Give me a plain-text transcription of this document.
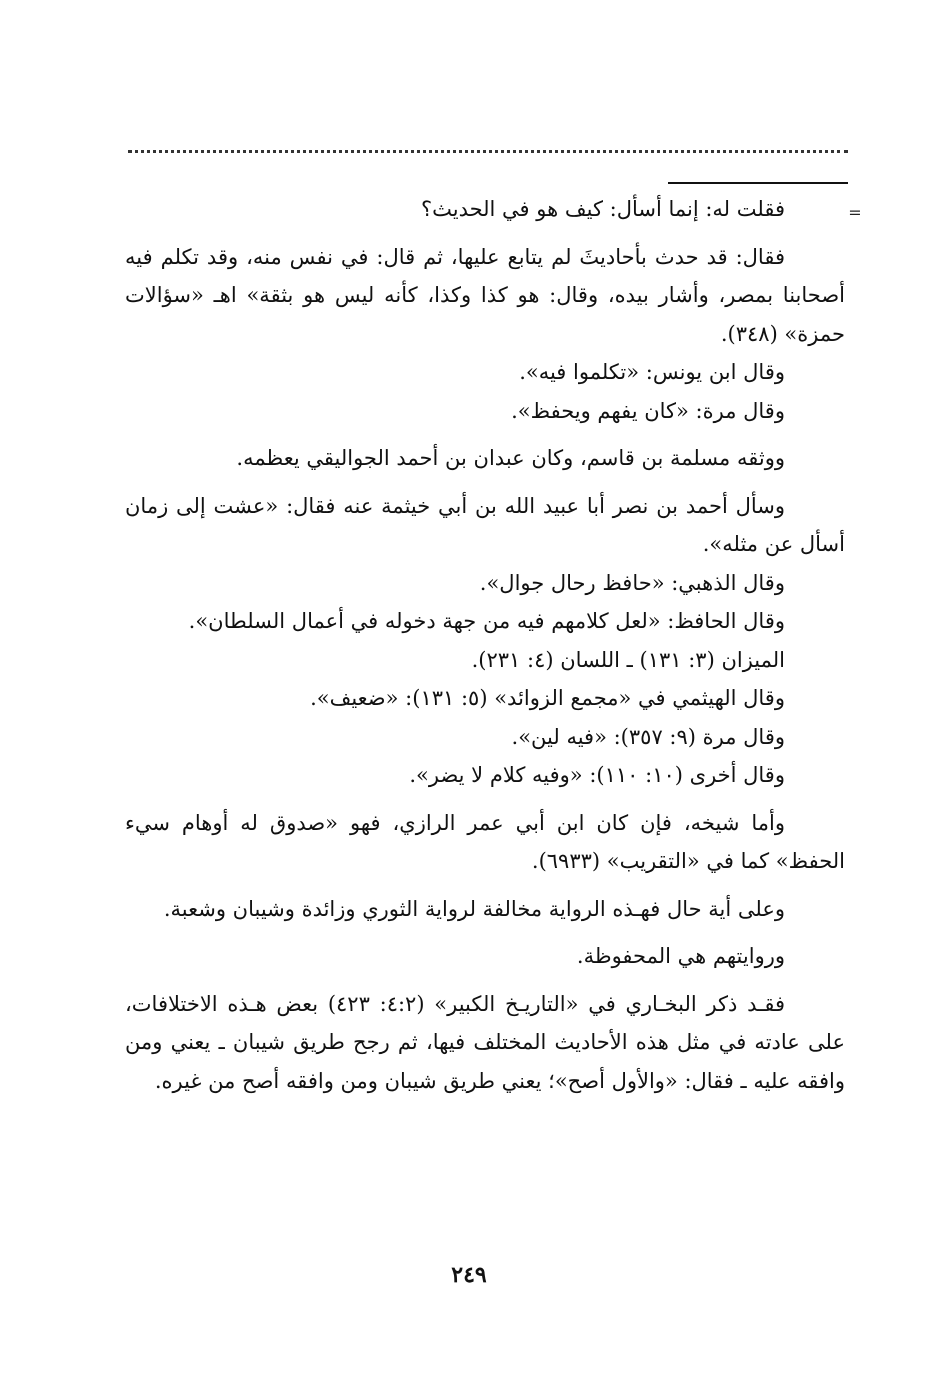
=

فقلت له: إنما أسأل: كيف هو في الحديث؟

فقال: قد حدث بأحاديثَ لم يتابع عليها، ثم قال: في نفس منه، وقد تكلم فيه أصحابنا بمصر، وأشار بيده، وقال: هو كذا وكذا، كأنه ليس هو بثقة» اهـ «سؤالات حمزة» (٣٤٨).

وقال ابن يونس: «تكلموا فيه».

وقال مرة: «كان يفهم ويحفظ».

ووثقه مسلمة بن قاسم، وكان عبدان بن أحمد الجواليقي يعظمه.

وسأل أحمد بن نصر أبا عبيد الله بن أبي خيثمة عنه فقال: «عشت إلى زمان أسأل عن مثله».

وقال الذهبي: «حافظ رحال جوال».

وقال الحافظ: «لعل كلامهم فيه من جهة دخوله في أعمال السلطان».

الميزان (٣: ١٣١) ـ اللسان (٤: ٢٣١).

وقال الهيثمي في «مجمع الزوائد» (٥: ١٣١): «ضعيف».

وقال مرة (٩: ٣٥٧): «فيه لين».

وقال أخرى (١٠: ١١٠): «وفيه كلام لا يضر».

وأما شيخه، فإن كان ابن أبي عمر الرازي، فهو «صدوق له أوهام سيء الحفظ» كما في «التقريب» (٦٩٣٣).

وعلى أية حال فهـذه الرواية مخالفة لرواية الثوري وزائدة وشيبان وشعبة.

وروايتهم هي المحفوظة.

فقـد ذكر البخـاري في «التاريـخ الكبير» (٤:٢: ٤٢٣) بعض هـذه الاختلافات، على عادته في مثل هذه الأحاديث المختلف فيها، ثم رجح طريق شيبان ـ يعني ومن وافقه عليه ـ فقال: «والأول أصح»؛ يعني طريق شيبان ومن وافقه أصح من غيره.

٢٤٩
